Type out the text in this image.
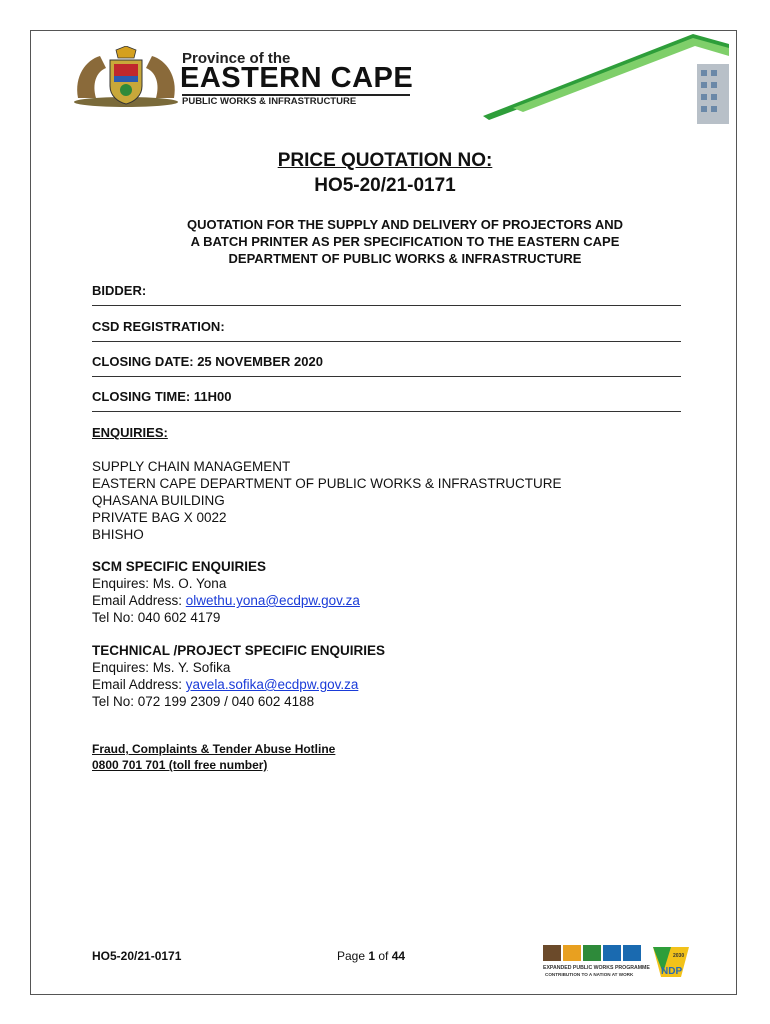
Province of the
EASTERN CAPE
PUBLIC WORKS & INFRASTRUCTURE
PRICE QUOTATION NO:
HO5-20/21-0171
QUOTATION FOR THE SUPPLY AND DELIVERY OF PROJECTORS AND
A BATCH PRINTER AS PER SPECIFICATION TO THE EASTERN CAPE
DEPARTMENT OF PUBLIC WORKS & INFRASTRUCTURE
BIDDER:
CSD REGISTRATION:
CLOSING DATE: 25 NOVEMBER 2020
CLOSING TIME: 11H00
ENQUIRIES:
SUPPLY CHAIN MANAGEMENT
EASTERN CAPE DEPARTMENT OF PUBLIC WORKS & INFRASTRUCTURE
QHASANA BUILDING
PRIVATE BAG X 0022
BHISHO
SCM SPECIFIC ENQUIRIES
Enquires: Ms. O. Yona
Email Address: olwethu.yona@ecdpw.gov.za
Tel No: 040 602 4179
TECHNICAL /PROJECT SPECIFIC ENQUIRIES
Enquires: Ms. Y. Sofika
Email Address: yavela.sofika@ecdpw.gov.za
Tel No: 072 199 2309 / 040 602 4188
Fraud, Complaints & Tender Abuse Hotline
0800 701 701 (toll free number)
HO5-20/21-0171	Page 1 of 44
EXPANDED PUBLIC WORKS PROGRAMME
CONTRIBUTION TO A NATION AT WORK	NDP
2030
